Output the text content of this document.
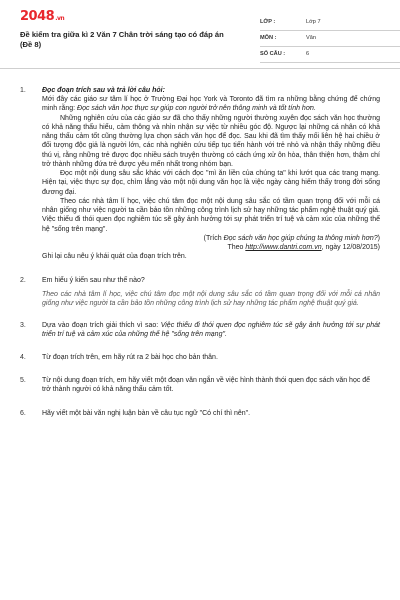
2048.vn
Đề kiểm tra giữa kì 2 Văn 7 Chân trời sáng tạo có đáp án (Đề 8)
LỚP :	Lớp 7
MÔN :	Văn
SỐ CÂU :	6
1.	Đọc đoạn trích sau và trả lời câu hỏi:

Mới đây các giáo sư tâm lí học ở Trường Đại học York và Toronto đã tìm ra những bằng chứng để chứng minh rằng: Đọc sách văn học thực sự giúp con người trở nên thông minh và tốt tính hơn.

Những nghiên cứu của các giáo sư đã cho thấy những người thường xuyên đọc sách văn học thường có khả năng thấu hiểu, cảm thông và nhìn nhận sự việc từ nhiều góc độ. Ngược lại những cá nhân có khả năng thấu cảm tốt cũng thường lựa chọn sách văn học để đọc. Sau khi đã tìm thấy mối liên hệ hai chiều ở đối tượng độc giả là người lớn, các nhà nghiên cứu tiếp tục tiến hành với trẻ nhỏ và nhận thấy những điều thú vị, rằng những trẻ được đọc nhiều sách truyện thường có cách ứng xử ôn hòa, thân thiện hơn, thậm chí trở thành những đứa trẻ được yêu mến nhất trong nhóm bạn.

Đọc một nội dung sâu sắc khác với cách đọc "mì ăn liền của chúng ta" khi lướt qua các trang mạng. Hiện tại, việc thực sự đọc, chìm lắng vào một nội dung văn học là việc ngày càng hiếm thấy trong đời sống đương đại.

Theo các nhà tâm lí học, việc chú tâm đọc một nội dung sâu sắc có tầm quan trọng đối với mỗi cá nhân giống như việc người ta cần bảo tồn những công trình lịch sử hay những tác phẩm nghệ thuật quý giá. Việc thiếu đi thói quen đọc nghiêm túc sẽ gây ảnh hưởng tới sự phát triển trí tuệ và cảm xúc của những thế hệ "sống trên mạng".

(Trích Đọc sách văn học giúp chúng ta thông minh hơn?)

Theo http://www.dantri.com.vn, ngày 12/08/2015)

Ghi lại câu nêu ý khái quát của đoạn trích trên.

2.	Em hiểu ý kiến sau như thế nào?
Theo các nhà tâm lí học, việc chú tâm đọc một nội dung sâu sắc có tầm quan trọng đối với mỗi cá nhân giống như việc người ta cần bảo tồn những công trình lịch sử hay những tác phẩm nghệ thuật quý giá.
3.	Dựa vào đoạn trích giải thích vì sao: Việc thiếu đi thói quen đọc nghiêm túc sẽ gây ảnh hưởng tới sự phát triển trí tuệ và cảm xúc của những thế hệ "sống trên mạng".

4.	Từ đoạn trích trên, em hãy rút ra 2 bài học cho bản thân.
5.	Từ nội dung đoạn trích, em hãy viết một đoạn văn ngắn về việc hình thành thói quen đọc sách văn học để trở thành người có khả năng thấu cảm tốt.
6.	Hãy viết một bài văn nghị luận bàn về câu tục ngữ "Có chí thì nên".
